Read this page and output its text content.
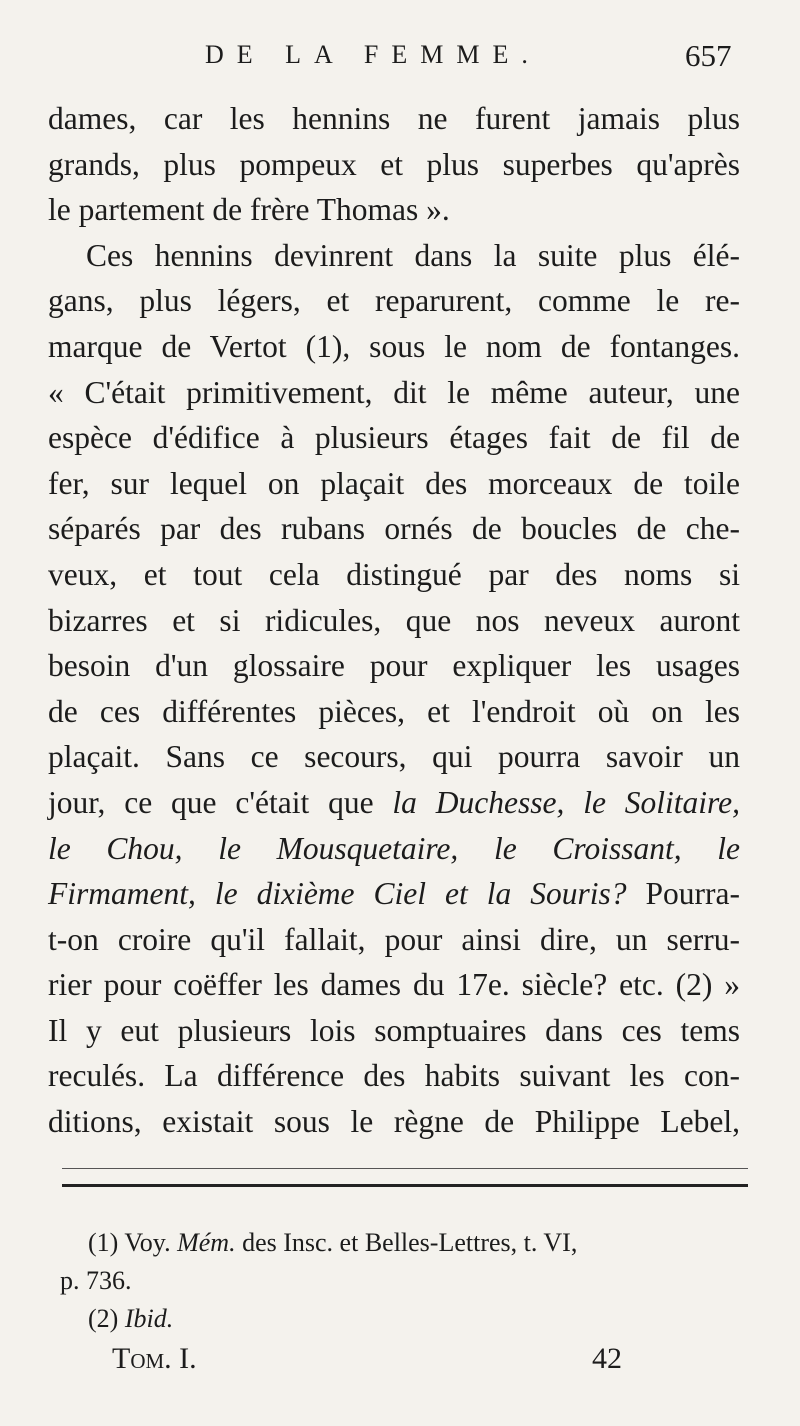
DE LA FEMME.	657
dames, car les hennins ne furent jamais plus
grands, plus pompeux et plus superbes qu'après
le partement de frère Thomas ».
Ces hennins devinrent dans la suite plus élé-
gans, plus légers, et reparurent, comme le re-
marque de Vertot (1), sous le nom de fontanges.
« C'était primitivement, dit le même auteur, une
espèce d'édifice à plusieurs étages fait de fil de
fer, sur lequel on plaçait des morceaux de toile
séparés par des rubans ornés de boucles de che-
veux, et tout cela distingué par des noms si
bizarres et si ridicules, que nos neveux auront
besoin d'un glossaire pour expliquer les usages
de ces différentes pièces, et l'endroit où on les
plaçait. Sans ce secours, qui pourra savoir un
jour, ce que c'était que la Duchesse, le Solitaire,
le Chou, le Mousquetaire, le Croissant, le
Firmament, le dixième Ciel et la Souris? Pourra-
t-on croire qu'il fallait, pour ainsi dire, un serru-
rier pour coëffer les dames du 17e. siècle? etc. (2) »
Il y eut plusieurs lois somptuaires dans ces tems
reculés. La différence des habits suivant les con-
ditions, existait sous le règne de Philippe Lebel,
(1) Voy. Mém. des Insc. et Belles-Lettres, t. VI,
p. 736.
(2) Ibid.
Tom. I.	42
